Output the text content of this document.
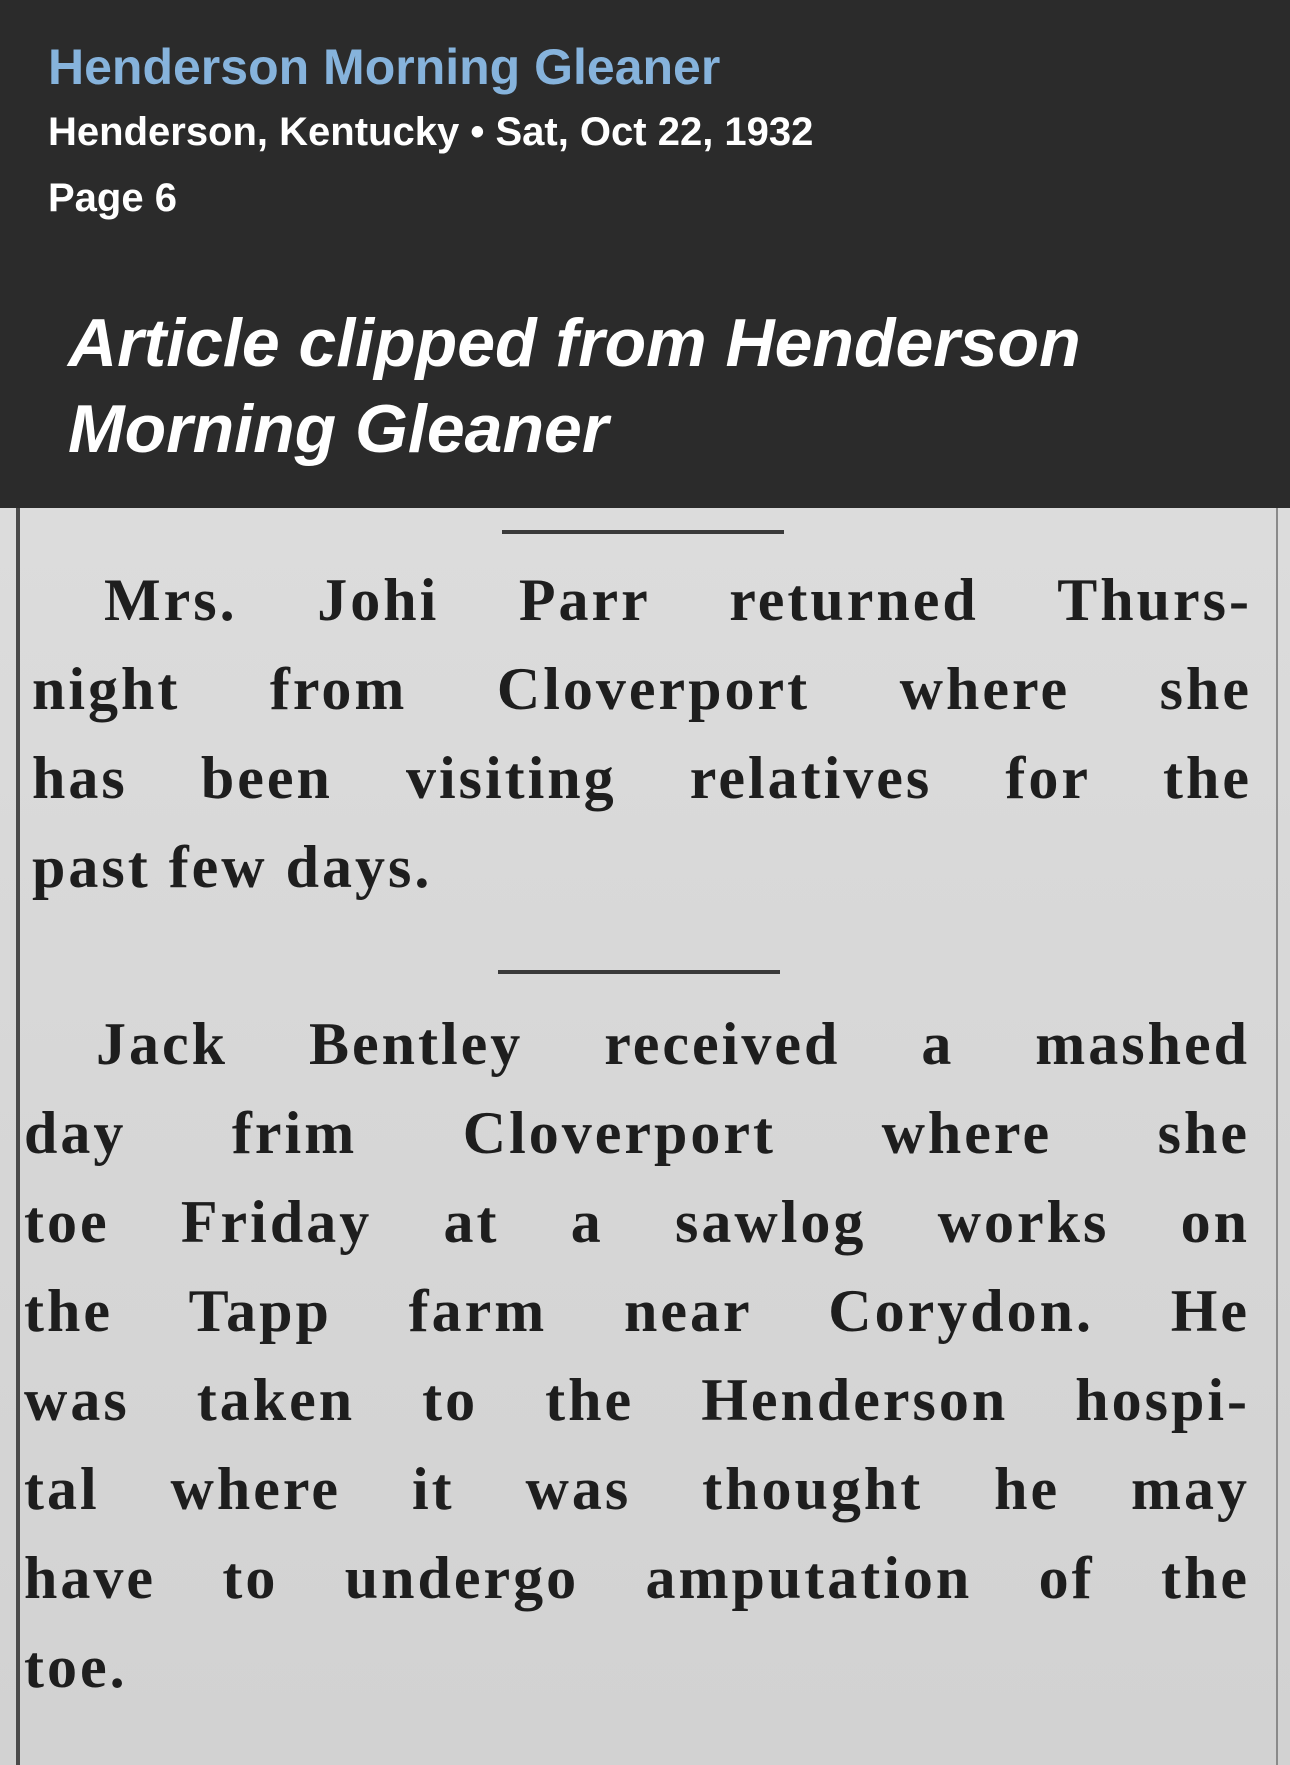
Henderson Morning Gleaner
Henderson, Kentucky • Sat, Oct 22, 1932
Page 6
Article clipped from Henderson Morning Gleaner
Mrs. Johi Parr returned Thurs-
night from Cloverport where she
has been visiting relatives for the
past few days.
Jack Bentley received a mashed
day frim Cloverport where she
toe Friday at a sawlog works on
the Tapp farm near Corydon. He
was taken to the Henderson hospi-
tal where it was thought he may
have to undergo amputation of the
toe.
